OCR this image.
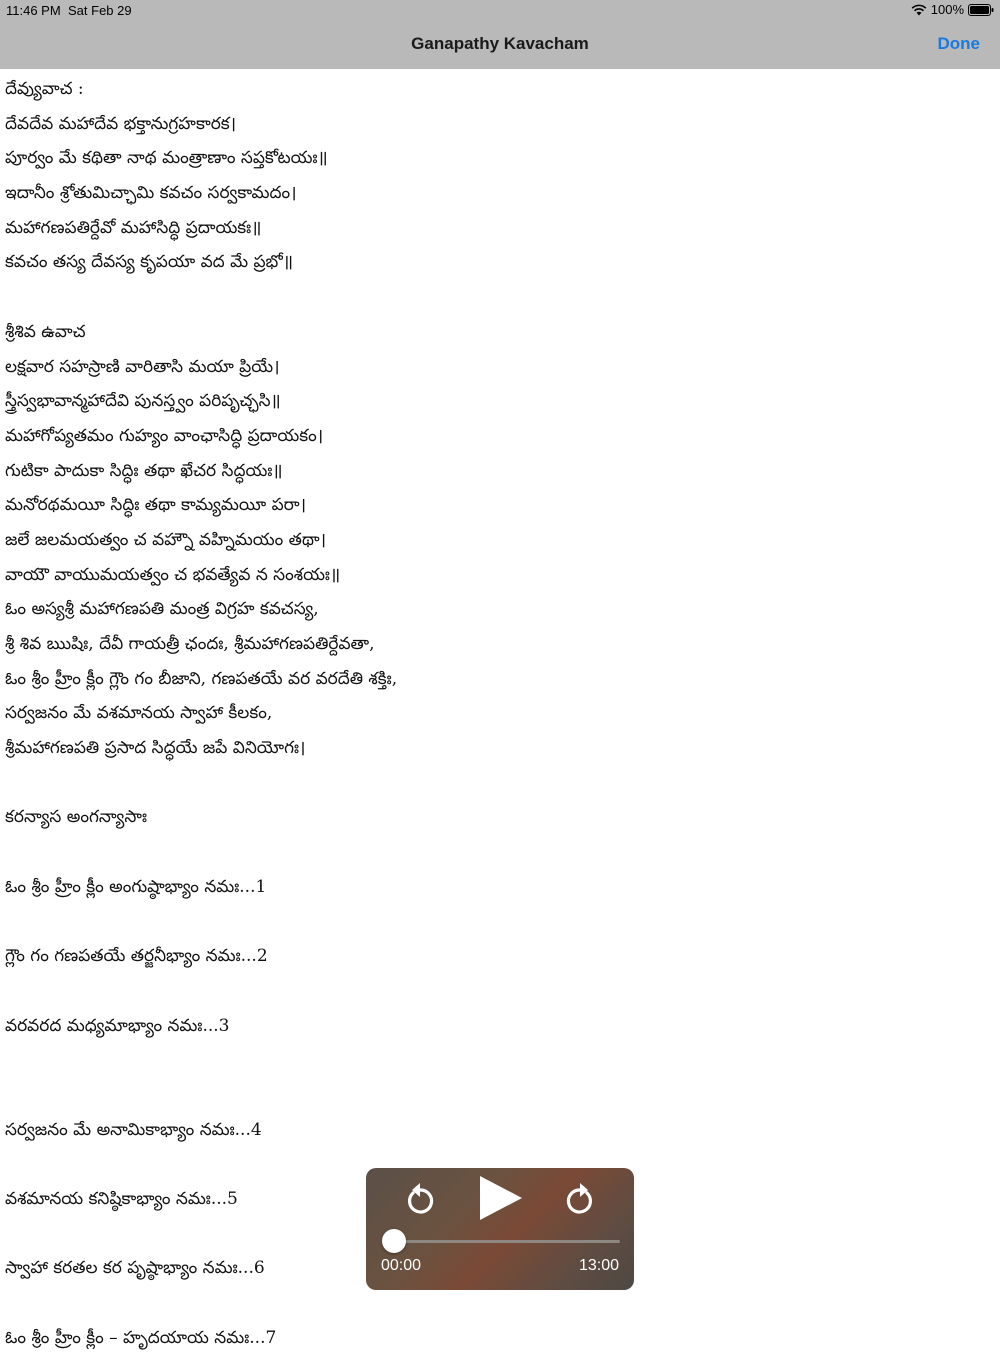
11:46 PM Sat Feb 29	100%
Ganapathy Kavacham	Done
దేవ్యువాచ :
దేవదేవ మహాదేవ భక్తానుగ్రహకారక।
పూర్వం మే కథితా నాథ మంత్రాణాం సప్తకోటయః॥
ఇదానీం శ్రోతుమిచ్ఛామి కవచం సర్వకామదం।
మహాగణపతిర్దేవో మహాసిద్ధి ప్రదాయకః॥
కవచం తస్య దేవస్య కృపయా వద మే ప్రభో॥
శ్రీశివ ఉవాచ
లక్షవార సహస్రాణి వారితాసి మయా ప్రియే।
స్త్రీస్వభావాన్మహాదేవి పునస్త్వం పరిపృచ్ఛసి॥
మహాగోప్యతమం గుహ్యం వాంఛాసిద్ధి ప్రదాయకం।
గుటికా పాదుకా సిద్ధిః తథా ఖేచర సిద్ధయః॥
మనోరథమయీ సిద్ధిః తథా కామ్యమయీ పరా।
జలే జలమయత్వం చ వహ్నౌ వహ్నిమయం తథా।
వాయౌ వాయుమయత్వం చ భవత్యేవ న సంశయః॥
ఓం అస్యశ్రీ మహాగణపతి మంత్ర విగ్రహ కవచస్య,
శ్రీ శివ ఋషిః, దేవీ గాయత్రీ ఛందః, శ్రీమహాగణపతిర్దేవతా,
ఓం శ్రీం హ్రీం క్లీం గ్లౌం గం బీజాని, గణపతయే వర వరదేతి శక్తిః,
సర్వజనం మే వశమానయ స్వాహా కీలకం,
శ్రీమహాగణపతి ప్రసాద సిద్ధయే జపే వినియోగః।
కరన్యాస అంగన్యాసాః
ఓం శ్రీం హ్రీం క్లీం అంగుష్ఠాభ్యాం నమః...1
గ్లౌం గం గణపతయే తర్జనీభ్యాం నమః...2
వరవరద మధ్యమాభ్యాం నమః...3
సర్వజనం మే అనామికాభ్యాం నమః...4
వశమానయ కనిష్ఠికాభ్యాం నమః...5
స్వాహా కరతల కర పృష్ఠాభ్యాం నమః...6
ఓం శ్రీం హ్రీం క్లీం – హృదయాయ నమః...7
00:00	13:00
